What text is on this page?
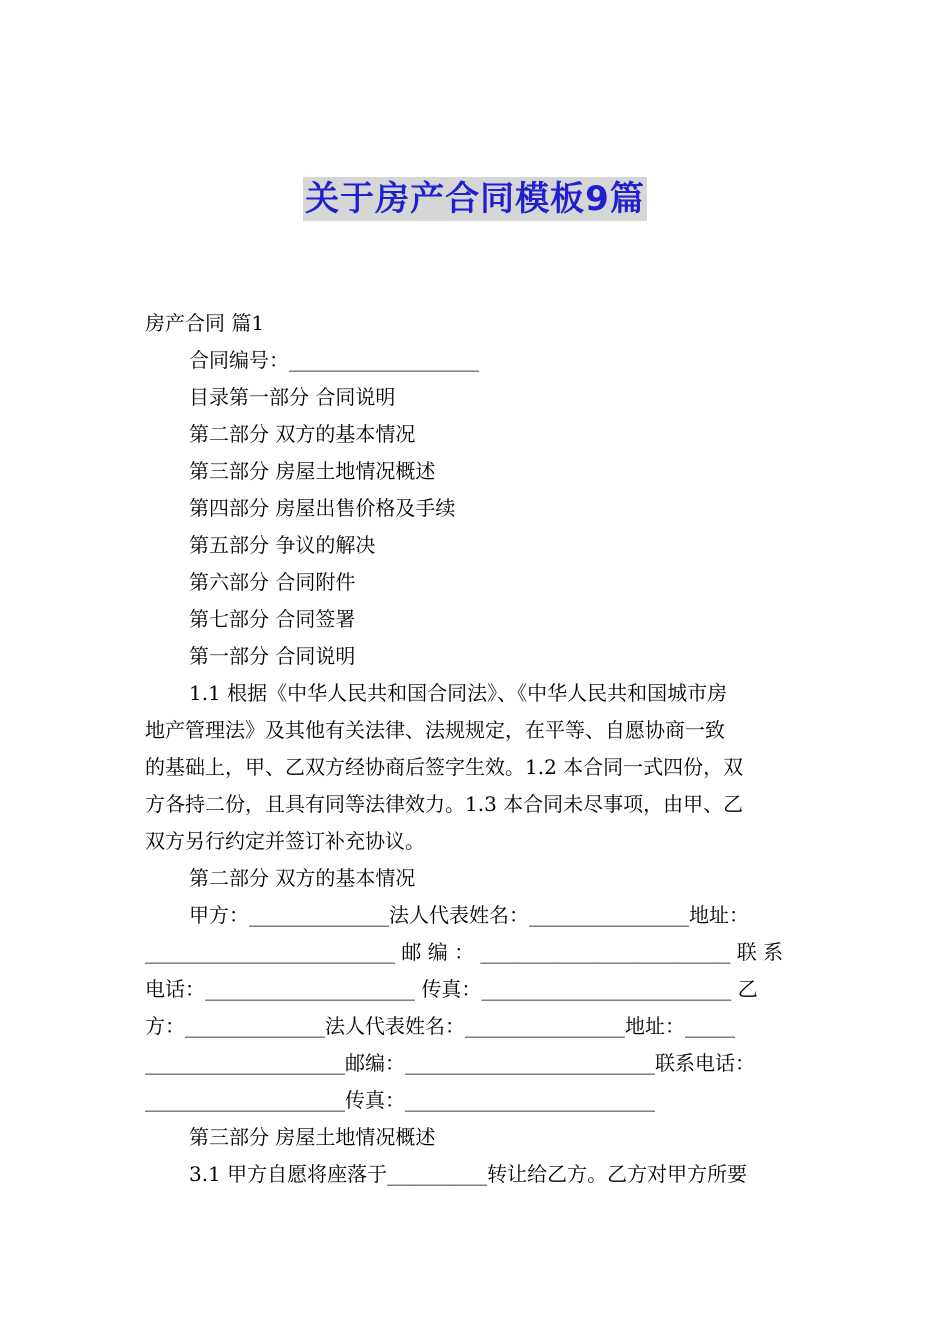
关于房产合同模板9篇

房产合同 篇1

合同编号：___________________

目录第一部分 合同说明

第二部分 双方的基本情况

第三部分 房屋土地情况概述

第四部分 房屋出售价格及手续

第五部分 争议的解决

第六部分 合同附件

第七部分 合同签署

第一部分 合同说明

1.1 根据《中华人民共和国合同法》、《中华人民共和国城市房

地产管理法》及其他有关法律、法规规定，在平等、自愿协商一致

的基础上，甲、乙双方经协商后签字生效。1.2 本合同一式四份，双

方各持二份，且具有同等法律效力。1.3 本合同未尽事项，由甲、乙

双方另行约定并签订补充协议。

第二部分 双方的基本情况

甲方：______________法人代表姓名：________________地址：

_________________________ 邮 编 ： _________________________ 联 系

电话：_____________________ 传真：_________________________ 乙

方：______________法人代表姓名：________________地址：_____

____________________邮编：_________________________联系电话：

____________________传真：_________________________

第三部分 房屋土地情况概述

3.1 甲方自愿将座落于__________转让给乙方。乙方对甲方所要
